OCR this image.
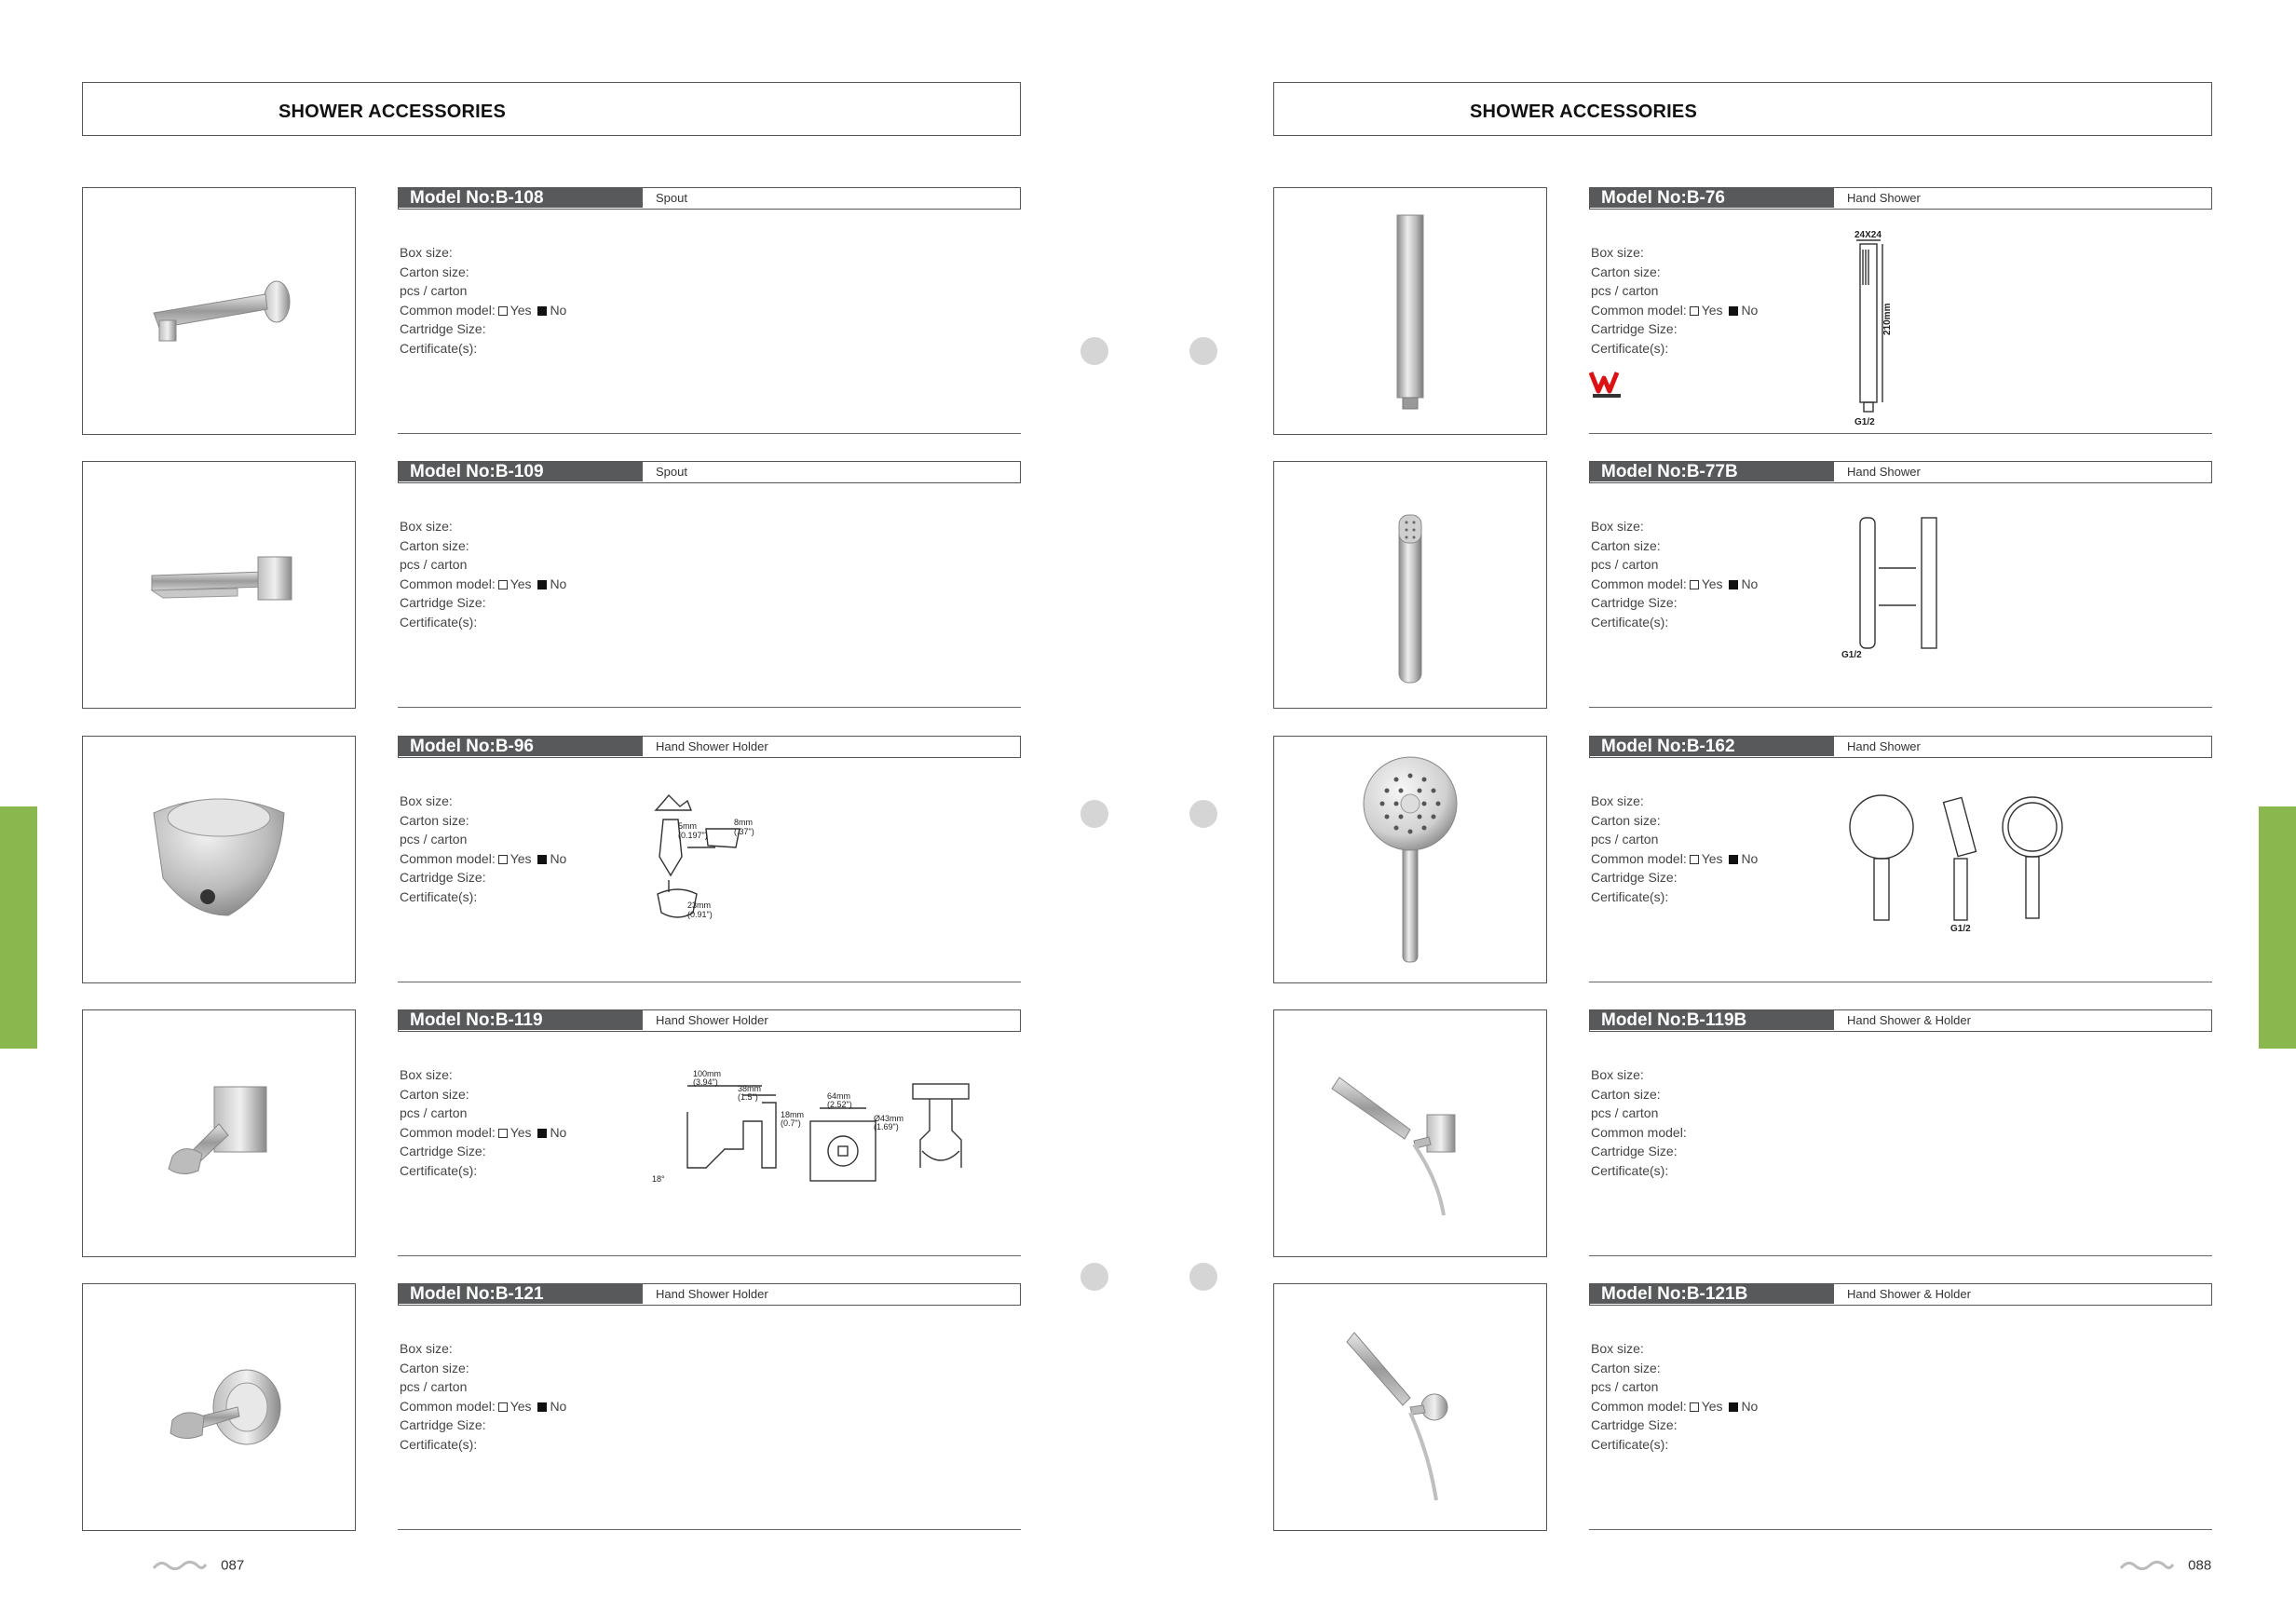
SHOWER ACCESSORIES
Model No:B-108	Spout
Box size:
Carton size:
pcs / carton
Common model: Yes No
Cartridge Size:
Certificate(s):
Model No:B-109	Spout
Box size:
Carton size:
pcs / carton
Common model: Yes No
Cartridge Size:
Certificate(s):
Model No:B-96	Hand Shower Holder
Box size:
Carton size:
pcs / carton
Common model: Yes No
Cartridge Size:
Certificate(s):
5mm
(0.197")
8mm
(.37")
23mm
(0.91")
Model No:B-119	Hand Shower Holder
Box size:
Carton size:
pcs / carton
Common model: Yes No
Cartridge Size:
Certificate(s):
100mm
(3.94")
38mm
(1.5")
18mm
(0.7")
64mm
(2.52")
Ø43mm
(1.69")
18°
Model No:B-121	Hand Shower Holder
Box size:
Carton size:
pcs / carton
Common model: Yes No
Cartridge Size:
Certificate(s):
087
SHOWER ACCESSORIES
Model No:B-76	Hand Shower
Box size:
Carton size:
pcs / carton
Common model: Yes No
Cartridge Size:
Certificate(s):
24X24
210mm
G1/2
Model No:B-77B	Hand Shower
Box size:
Carton size:
pcs / carton
Common model: Yes No
Cartridge Size:
Certificate(s):
G1/2
Model No:B-162	Hand Shower
Box size:
Carton size:
pcs / carton
Common model: Yes No
Cartridge Size:
Certificate(s):
G1/2
Model No:B-119B	Hand Shower & Holder
Box size:
Carton size:
pcs / carton
Common model:
Cartridge Size:
Certificate(s):
Model No:B-121B	Hand Shower & Holder
Box size:
Carton size:
pcs / carton
Common model: Yes No
Cartridge Size:
Certificate(s):
088
